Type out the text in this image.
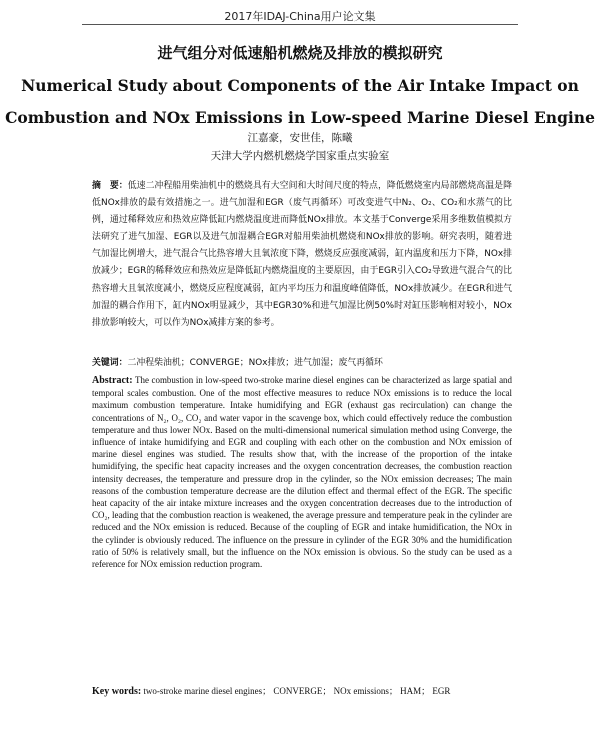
2017年IDAJ-China用户论文集
进气组分对低速船机燃烧及排放的模拟研究
Numerical Study about Components of the Air Intake Impact on
Combustion and NOx Emissions in Low-speed Marine Diesel Engine
江嘉豪，安世佳，陈曦
天津大学内燃机燃烧学国家重点实验室
摘　要：低速二冲程船用柴油机中的燃烧具有大空间和大时间尺度的特点，降低燃烧室内局部燃烧高温是降低NOx排放的最有效措施之一。进气加湿和EGR（废气再循环）可改变进气中N₂、O₂、CO₂和水蒸气的比例，通过稀释效应和热效应降低缸内燃烧温度进而降低NOx排放。本文基于Converge采用多维数值模拟方法研究了进气加湿、EGR以及进气加湿耦合EGR对船用柴油机燃烧和NOx排放的影响。研究表明，随着进气加湿比例增大，进气混合气比热容增大且氧浓度下降，燃烧反应强度减弱，缸内温度和压力下降，NOx排放减少；EGR的稀释效应和热效应是降低缸内燃烧温度的主要原因，由于EGR引入CO₂导致进气混合气的比热容增大且氧浓度减小，燃烧反应程度减弱，缸内平均压力和温度峰值降低，NOx排放减少。在EGR和进气加湿的耦合作用下，缸内NOx明显减少，其中EGR30%和进气加湿比例50%时对缸压影响相对较小，NOx排放影响较大，可以作为NOx减排方案的参考。
关键词：二冲程柴油机；CONVERGE；NOx排放；进气加湿；废气再循环
Abstract: The combustion in low-speed two-stroke marine diesel engines can be characterized as large spatial and temporal scales combustion. One of the most effective measures to reduce NOx emissions is to reduce the local maximum combustion temperature. Intake humidifying and EGR (exhaust gas recirculation) can change the concentrations of N₂, O₂, CO₂ and water vapor in the scavenge box, which could effectively reduce the combustion temperature and thus lower NOx. Based on the multi-dimensional numerical simulation method using Converge, the influence of intake humidifying and EGR and coupling with each other on the combustion and NOx emission of marine diesel engines was studied. The results show that, with the increase of the proportion of the intake humidifying, the specific heat capacity increases and the oxygen concentration decreases, the combustion reaction intensity decreases, the temperature and pressure drop in the cylinder, so the NOx emission decreases; The main reasons of the combustion temperature decrease are the dilution effect and thermal effect of the EGR. The specific heat capacity of the air intake mixture increases and the oxygen concentration decreases due to the introduction of CO₂, leading that the combustion reaction is weakened, the average pressure and temperature peak in the cylinder are reduced and the NOx emission is reduced. Because of the coupling of EGR and intake humidification, the NOx in the cylinder is obviously reduced. The influence on the pressure in cylinder of the EGR 30% and the humidification ratio of 50% is relatively small, but the influence on the NOx emission is obvious. So the study can be used as a reference for NOx emission reduction program.
Key words: two-stroke marine diesel engines； CONVERGE； NOx emissions； HAM； EGR
